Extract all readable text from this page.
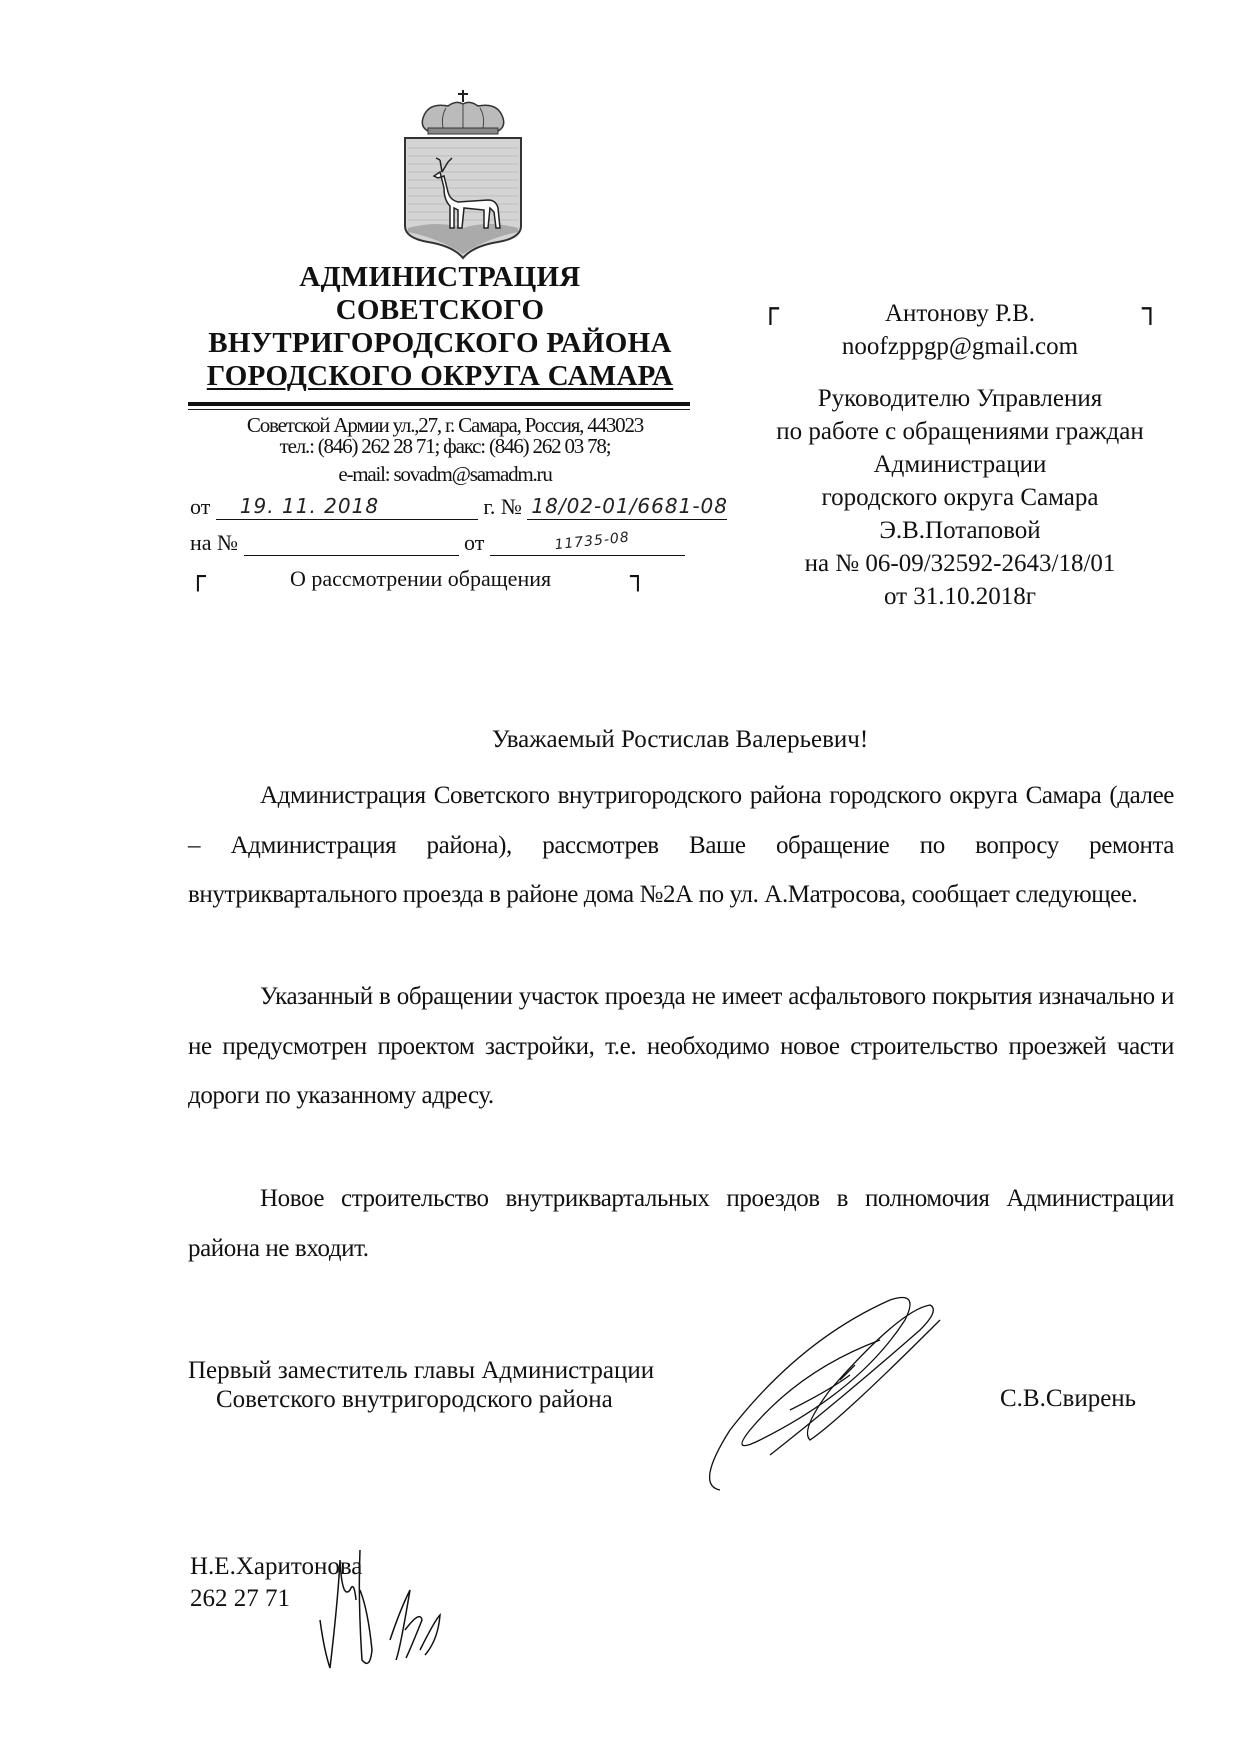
АДМИНИСТРАЦИЯ
СОВЕТСКОГО
ВНУТРИГОРОДСКОГО РАЙОНА
ГОРОДСКОГО ОКРУГА САМАРА
Советской Армии ул.,27, г. Самара, Россия, 443023
тел.: (846) 262 28 71; факс: (846) 262 03 78;
e-mail: sovadm@samadm.ru
от 19. 11. 2018	г. № 18/02-01/6681-08
11735-08
на №	от
┌	О рассмотрении обращения	┐
┌	┐
Антонову Р.В.
noofzppgp@gmail.com
Руководителю Управления
по работе с обращениями граждан
Администрации
городского округа Самара
Э.В.Потаповой
на № 06-09/32592-2643/18/01
от 31.10.2018г
Уважаемый Ростислав Валерьевич!
Администрация Советского внутригородского района городского округа Самара (далее – Администрация района), рассмотрев Ваше обращение по вопросу ремонта внутриквартального проезда в районе дома №2А по ул. А.Матросова, сообщает следующее.
Указанный в обращении участок проезда не имеет асфальтового покрытия изначально и не предусмотрен проектом застройки, т.е. необходимо новое строительство проезжей части дороги по указанному адресу.
Новое строительство внутриквартальных проездов в полномочия Администрации района не входит.
Первый заместитель главы Администрации
Советского внутригородского района	С.В.Свирень
Н.Е.Харитонова
262 27 71
